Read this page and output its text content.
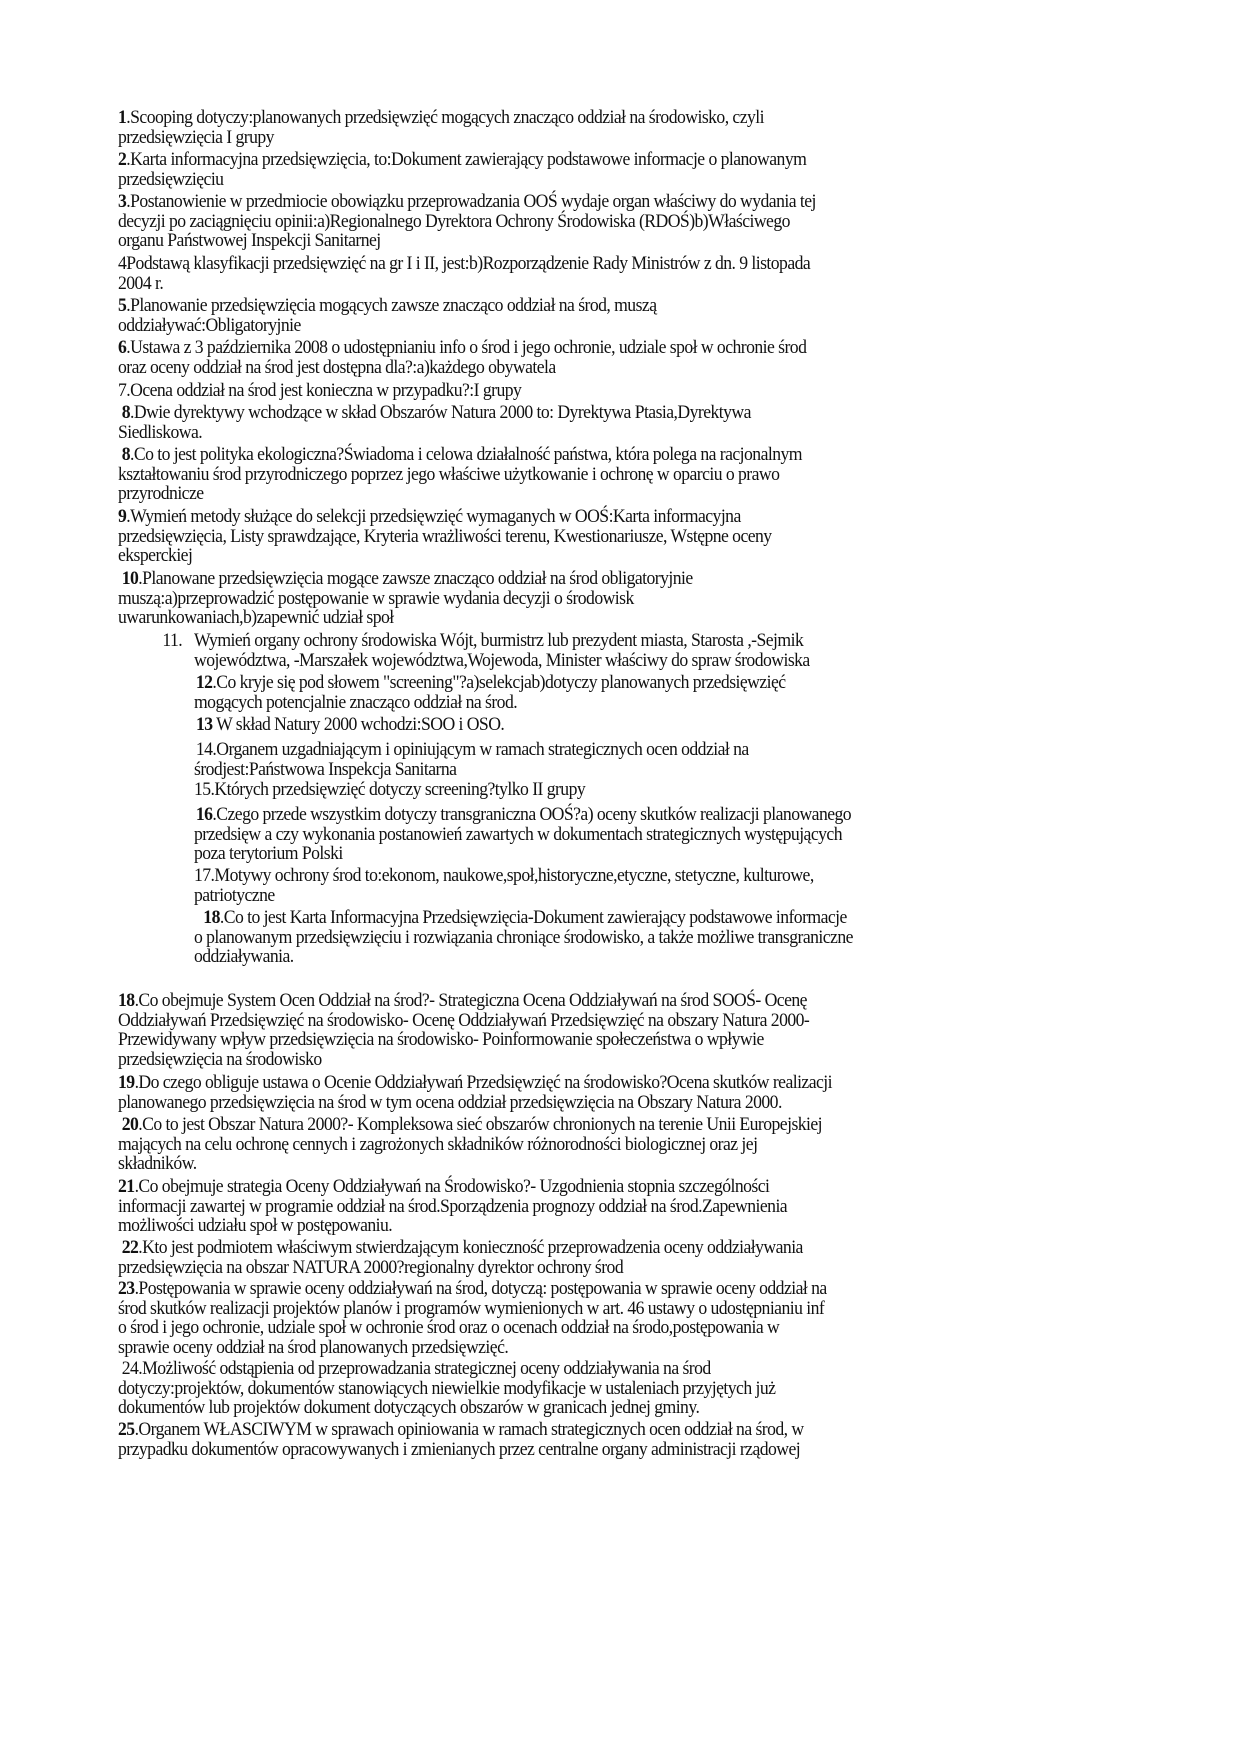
1.Scooping dotyczy:planowanych przedsięwzięć mogących znacząco oddział na środowisko, czyli
przedsięwzięcia I grupy
2.Karta informacyjna przedsięwzięcia, to:Dokument zawierający podstawowe informacje o planowanym
przedsięwzięciu
3.Postanowienie w przedmiocie obowiązku przeprowadzania OOŚ wydaje organ właściwy do wydania tej
decyzji po zaciągnięciu opinii:a)Regionalnego Dyrektora Ochrony Środowiska (RDOŚ)b)Właściwego
organu Państwowej Inspekcji Sanitarnej
4Podstawą klasyfikacji przedsięwzięć na gr I i II, jest:b)Rozporządzenie Rady Ministrów z dn. 9 listopada
2004 r.
5.Planowanie przedsięwzięcia mogących zawsze znacząco oddział na środ, muszą
oddziaływać:Obligatoryjnie
6.Ustawa z 3 października 2008 o udostępnianiu info o środ i jego ochronie, udziale społ w ochronie środ
oraz oceny oddział na środ jest dostępna dla?:a)każdego obywatela
7.Ocena oddział na środ jest konieczna w przypadku?:I grupy
8.Dwie dyrektywy wchodzące w skład Obszarów Natura 2000 to: Dyrektywa Ptasia,Dyrektywa
Siedliskowa.
8.Co to jest polityka ekologiczna?Świadoma i celowa działalność państwa, która polega na racjonalnym
kształtowaniu środ przyrodniczego poprzez jego właściwe użytkowanie i ochronę w oparciu o prawo
przyrodnicze
9.Wymień metody służące do selekcji przedsięwzięć wymaganych w OOŚ:Karta informacyjna
przedsięwzięcia, Listy sprawdzające, Kryteria wrażliwości terenu, Kwestionariusze, Wstępne oceny
eksperckiej
10.Planowane przedsięwzięcia mogące zawsze znacząco oddział na środ obligatoryjnie
muszą:a)przeprowadzić postępowanie w sprawie wydania decyzji o środowisk
uwarunkowaniach,b)zapewnić udział społ
11. Wymień organy ochrony środowiska Wójt, burmistrz lub prezydent miasta, Starosta ,-Sejmik
województwa, -Marszałek województwa,Wojewoda, Minister właściwy do spraw środowiska
12.Co kryje się pod słowem "screening"?a)selekcjab)dotyczy planowanych przedsięwzięć
mogących potencjalnie znacząco oddział na środ.
13 W skład Natury 2000 wchodzi:SOO i OSO.
14.Organem uzgadniającym i opiniującym w ramach strategicznych ocen oddział na
środjest:Państwowa Inspekcja Sanitarna
15.Których przedsięwzięć dotyczy screening?tylko II grupy
16.Czego przede wszystkim dotyczy transgraniczna OOŚ?a) oceny skutków realizacji planowanego
przedsięw a czy wykonania postanowień zawartych w dokumentach strategicznych występujących
poza terytorium Polski
17.Motywy ochrony środ to:ekonom, naukowe,społ,historyczne,etyczne, stetyczne, kulturowe,
patriotyczne
18.Co to jest Karta Informacyjna Przedsięwzięcia-Dokument zawierający podstawowe informacje
o planowanym przedsięwzięciu i rozwiązania chroniące środowisko, a także możliwe transgraniczne
oddziaływania.
18.Co obejmuje System Ocen Oddział na środ?- Strategiczna Ocena Oddziaływań na środ SOOŚ- Ocenę
Oddziaływań Przedsięwzięć na środowisko- Ocenę Oddziaływań Przedsięwzięć na obszary Natura 2000-
Przewidywany wpływ przedsięwzięcia na środowisko- Poinformowanie społeczeństwa o wpływie
przedsięwzięcia na środowisko
19.Do czego obliguje ustawa o Ocenie Oddziaływań Przedsięwzięć na środowisko?Ocena skutków realizacji
planowanego przedsięwzięcia na środ w tym ocena oddział przedsięwzięcia na Obszary Natura 2000.
20.Co to jest Obszar Natura 2000?- Kompleksowa sieć obszarów chronionych na terenie Unii Europejskiej
mających na celu ochronę cennych i zagrożonych składników różnorodności biologicznej oraz jej
składników.
21.Co obejmuje strategia Oceny Oddziaływań na Środowisko?- Uzgodnienia stopnia szczególności
informacji zawartej w programie oddział na środ.Sporządzenia prognozy oddział na środ.Zapewnienia
możliwości udziału społ w postępowaniu.
22.Kto jest podmiotem właściwym stwierdzającym konieczność przeprowadzenia oceny oddziaływania
przedsięwzięcia na obszar NATURA 2000?regionalny dyrektor ochrony środ
23.Postępowania w sprawie oceny oddziaływań na środ, dotyczą: postępowania w sprawie oceny oddział na
środ skutków realizacji projektów planów i programów wymienionych w art. 46 ustawy o udostępnianiu inf
o środ i jego ochronie, udziale społ w ochronie środ oraz o ocenach oddział na środo,postępowania w
sprawie oceny oddział na środ planowanych przedsięwzięć.
24.Możliwość odstąpienia od przeprowadzania strategicznej oceny oddziaływania na środ
dotyczy:projektów, dokumentów stanowiących niewielkie modyfikacje w ustaleniach przyjętych już
dokumentów lub projektów dokument dotyczących obszarów w granicach jednej gminy.
25.Organem WŁASCIWYM w sprawach opiniowania w ramach strategicznych ocen oddział na środ, w
przypadku dokumentów opracowywanych i zmienianych przez centralne organy administracji rządowej
